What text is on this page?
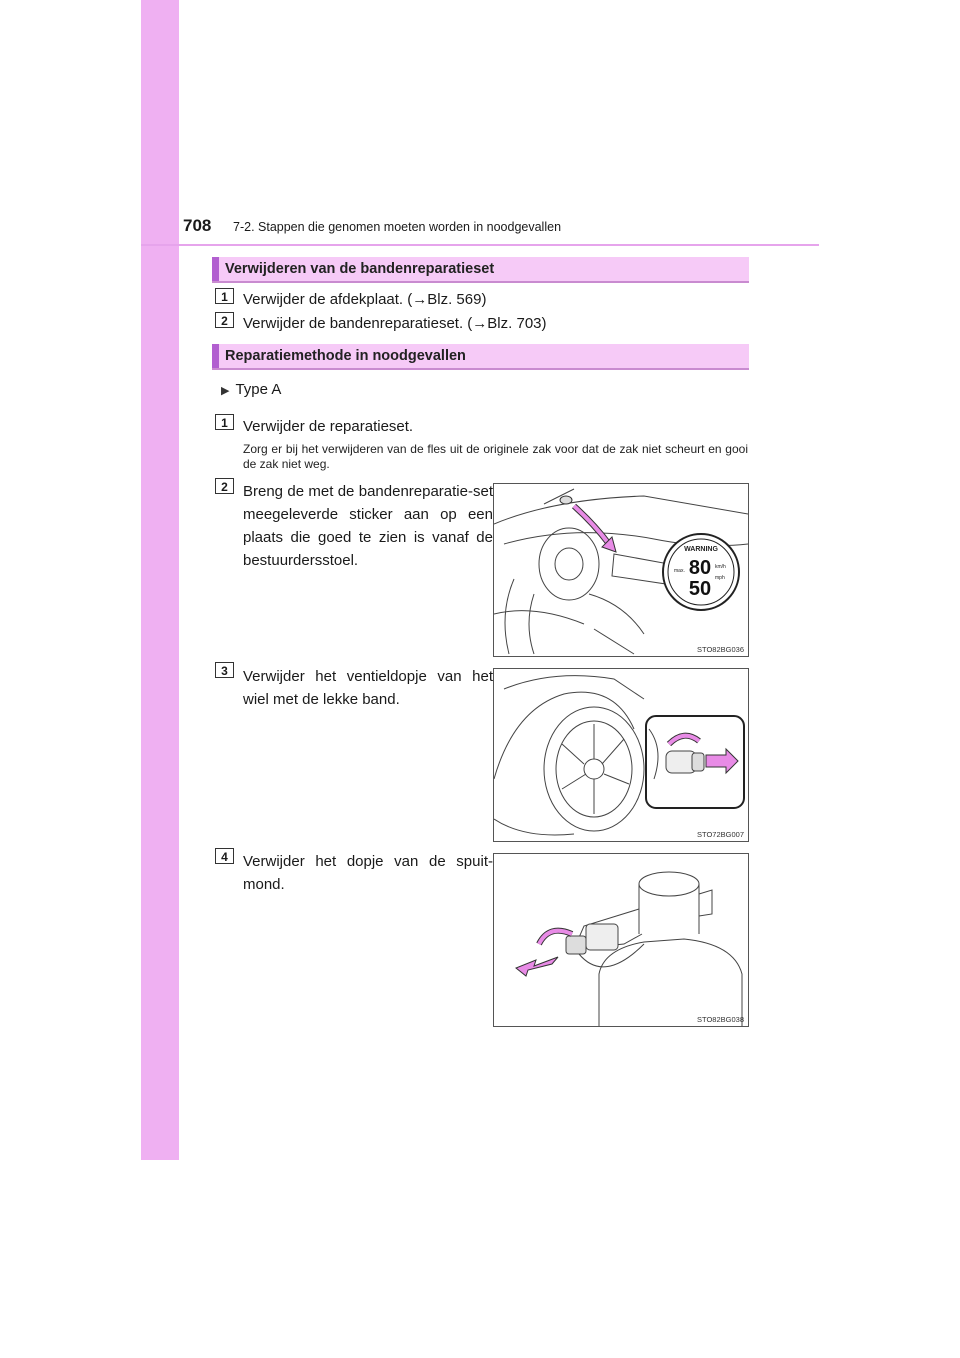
708 7-2. Stappen die genomen moeten worden in noodgevallen
Verwijderen van de bandenreparatieset
1	Verwijder de afdekplaat. (→Blz. 569)
2	Verwijder de bandenreparatieset. (→Blz. 703)
Reparatiemethode in noodgevallen
▶ Type A
1	Verwijder de reparatieset.
Zorg er bij het verwijderen van de fles uit de originele zak voor dat de zak niet scheurt en gooi de zak niet weg.
2	Breng de met de bandenreparatie-set meegeleverde sticker aan op een plaats die goed te zien is vanaf de bestuurdersstoel.
3	Verwijder het ventieldopje van het wiel met de lekke band.
4	Verwijder het dopje van de spuit-mond.
WARNING
80
50
km/h
mph
max.
STO82BG036
STO72BG007
STO82BG038
